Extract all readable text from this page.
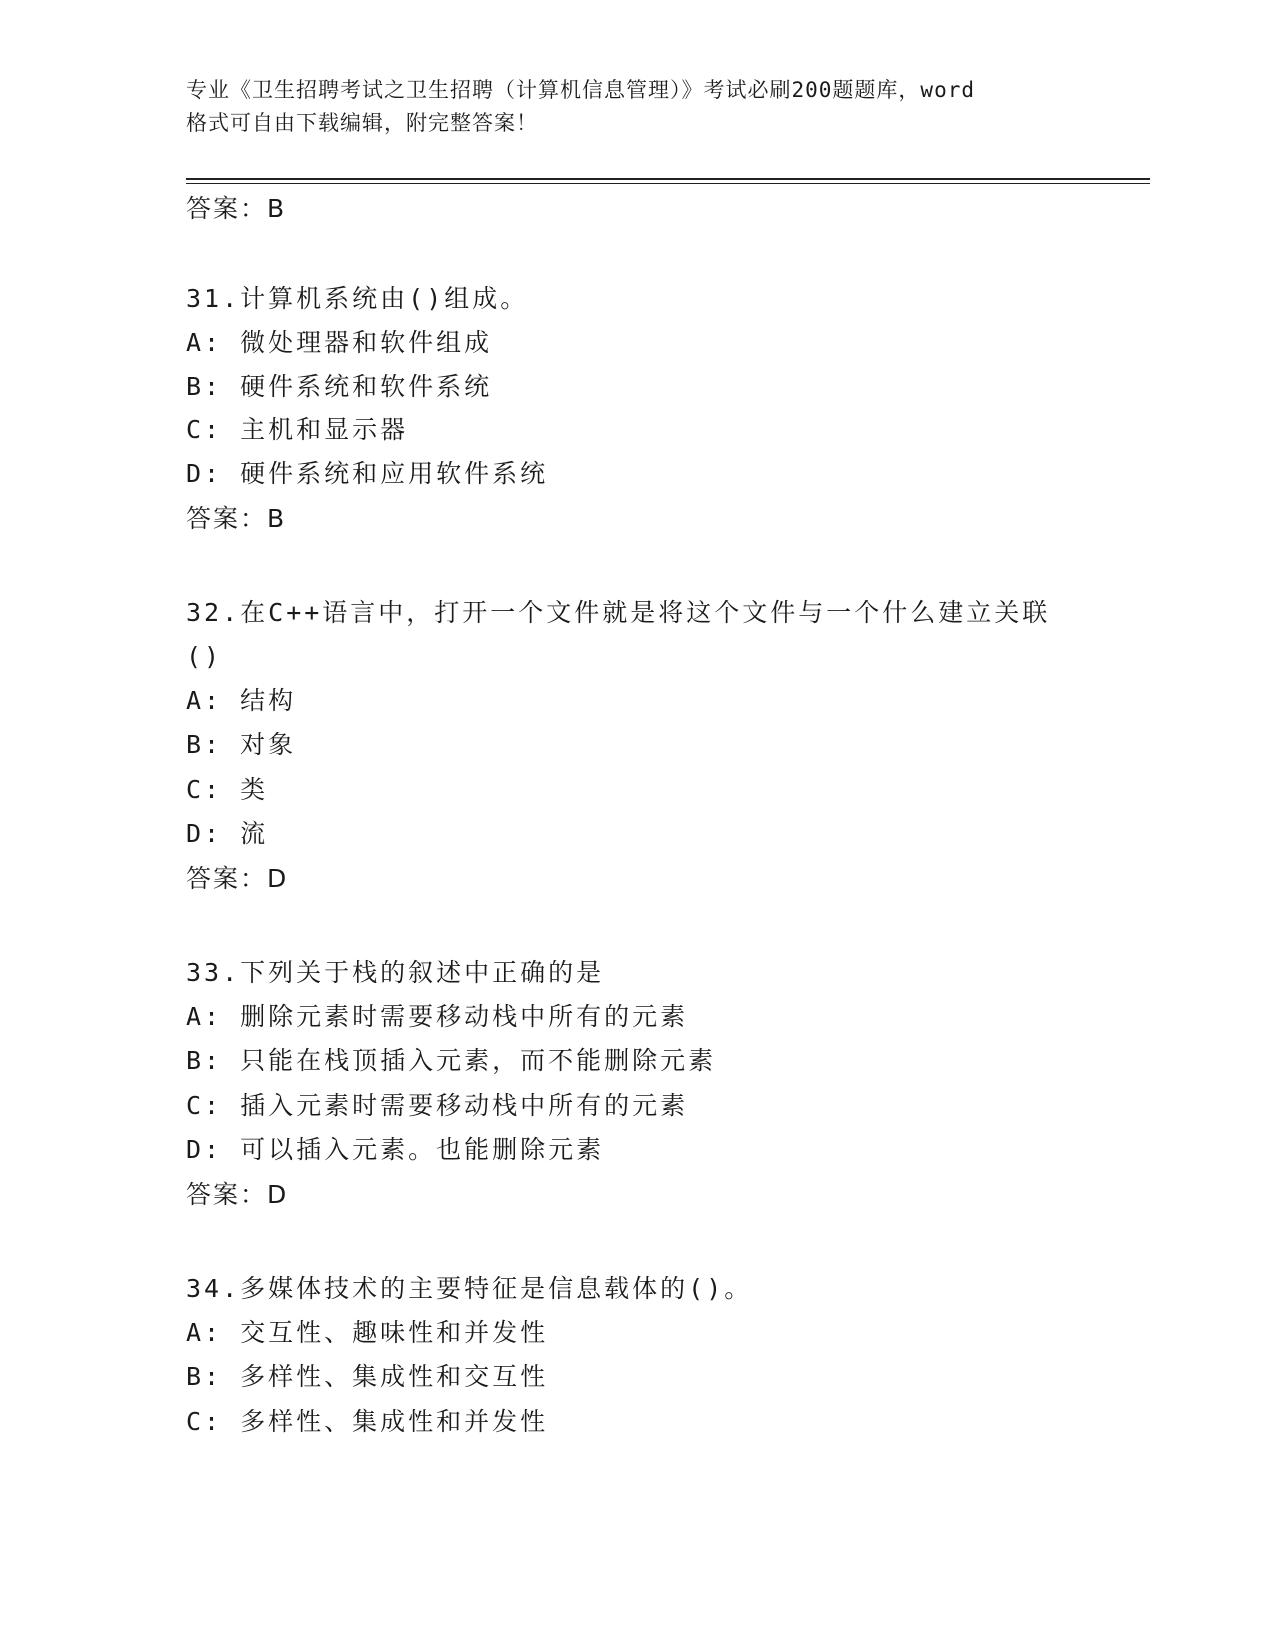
专业《卫生招聘考试之卫生招聘（计算机信息管理）》考试必刷200题题库，word
格式可自由下载编辑，附完整答案！
答案：B
31.计算机系统由()组成。
A: 微处理器和软件组成
B: 硬件系统和软件系统
C: 主机和显示器
D: 硬件系统和应用软件系统
答案：B
32.在C++语言中，打开一个文件就是将这个文件与一个什么建立关联
()
A: 结构
B: 对象
C: 类
D: 流
答案：D
33.下列关于栈的叙述中正确的是
A: 删除元素时需要移动栈中所有的元素
B: 只能在栈顶插入元素，而不能删除元素
C: 插入元素时需要移动栈中所有的元素
D: 可以插入元素。也能删除元素
答案：D
34.多媒体技术的主要特征是信息载体的()。
A: 交互性、趣味性和并发性
B: 多样性、集成性和交互性
C: 多样性、集成性和并发性
